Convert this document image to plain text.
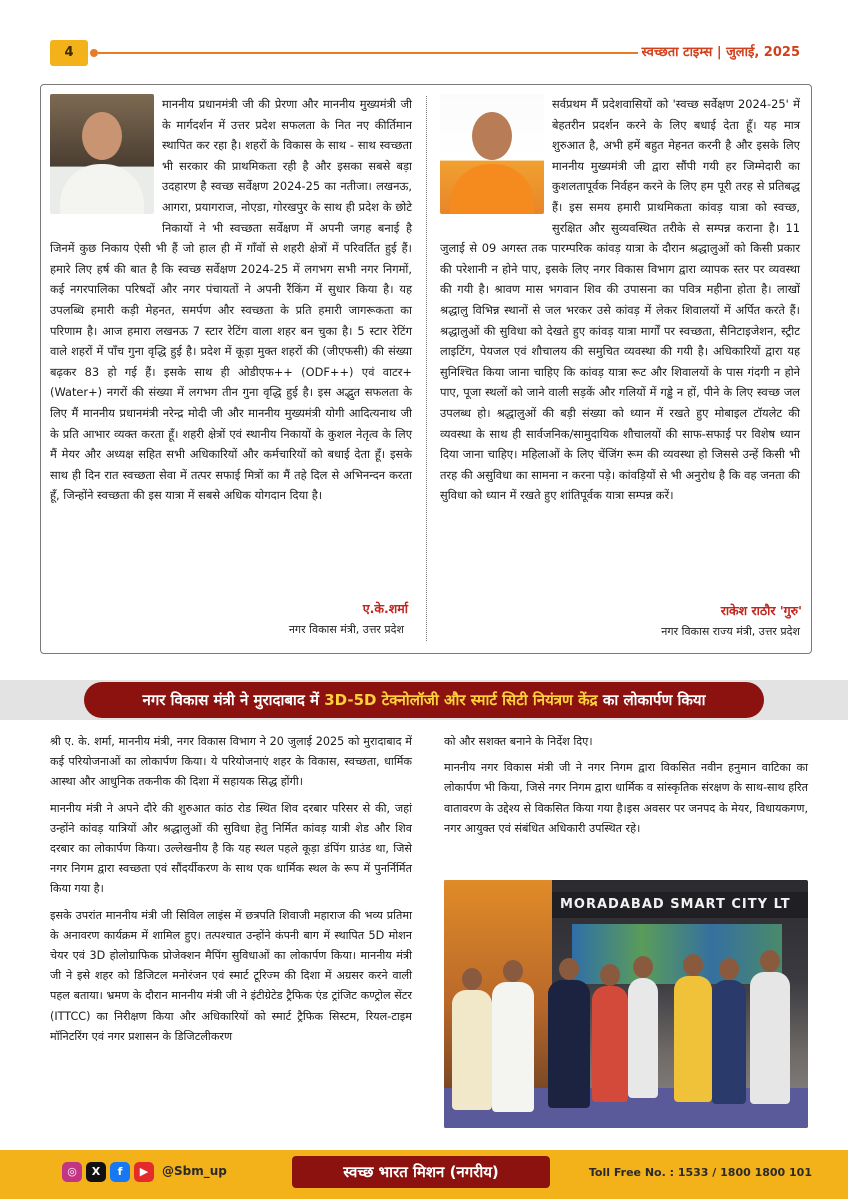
4	स्वच्छता टाइम्स | जुलाई, 2025

माननीय प्रधानमंत्री जी की प्रेरणा और माननीय मुख्यमंत्री जी के मार्गदर्शन में उत्तर प्रदेश सफलता के नित नए कीर्तिमान स्थापित कर रहा है। शहरों के विकास के साथ - साथ स्वच्छता भी सरकार की प्राथमिकता रही है और इसका सबसे बड़ा उदहारण है स्वच्छ सर्वेक्षण 2024-25 का नतीजा। लखनऊ, आगरा, प्रयागराज, नोएडा, गोरखपुर के साथ ही प्रदेश के छोटे निकायों ने भी स्वच्छता सर्वेक्षण में अपनी जगह बनाई है जिनमें कुछ निकाय ऐसी भी हैं जो हाल ही में गाँवों से शहरी क्षेत्रों में परिवर्तित हुई हैं। हमारे लिए हर्ष की बात है कि स्वच्छ सर्वेक्षण 2024-25 में लगभग सभी नगर निगमों, कई नगरपालिका परिषदों और नगर पंचायतों ने अपनी रैंकिंग में सुधार किया है। यह उपलब्धि हमारी कड़ी मेहनत, समर्पण और स्वच्छता के प्रति हमारी जागरूकता का परिणाम है। आज हमारा लखनऊ 7 स्टार रेटिंग वाला शहर बन चुका है। 5 स्टार रेटिंग वाले शहरों में पाँच गुना वृद्धि हुई है। प्रदेश में कूड़ा मुक्त शहरों की (जीएफसी) की संख्या बढ़कर 83 हो गई हैं। इसके साथ ही ओडीएफ++ (ODF++) एवं वाटर+ (Water+) नगरों की संख्या में लगभग तीन गुना वृद्धि हुई है। इस अद्भुत सफलता के लिए मैं माननीय प्रधानमंत्री नरेन्द्र मोदी जी और माननीय मुख्यमंत्री योगी आदित्यनाथ जी के प्रति आभार व्यक्त करता हूँ। शहरी क्षेत्रों एवं स्थानीय निकायों के कुशल नेतृत्व के लिए मैं मेयर और अध्यक्ष सहित सभी अधिकारियों और कर्मचारियों को बधाई देता हूँ। इसके साथ ही दिन रात स्वच्छता सेवा में तत्पर सफाई मित्रों का मैं तहे दिल से अभिनन्दन करता हूँ, जिन्होंने स्वच्छता की इस यात्रा में सबसे अधिक योगदान दिया है।

ए.के.शर्मा
नगर विकास मंत्री, उत्तर प्रदेश

सर्वप्रथम मैं प्रदेशवासियों को 'स्वच्छ सर्वेक्षण 2024-25' में बेहतरीन प्रदर्शन करने के लिए बधाई देता हूँ। यह मात्र शुरुआत है, अभी हमें बहुत मेहनत करनी है और इसके लिए माननीय मुख्यमंत्री जी द्वारा सौंपी गयी हर जिम्मेदारी का कुशलतापूर्वक निर्वहन करने के लिए हम पूरी तरह से प्रतिबद्ध हैं। इस समय हमारी प्राथमिकता कांवड़ यात्रा को स्वच्छ, सुरक्षित और सुव्यवस्थित तरीके से सम्पन्न कराना है। 11 जुलाई से 09 अगस्त तक पारम्परिक कांवड़ यात्रा के दौरान श्रद्धालुओं को किसी प्रकार की परेशानी न होने पाए, इसके लिए नगर विकास विभाग द्वारा व्यापक स्तर पर व्यवस्था की गयी है। श्रावण मास भगवान शिव की उपासना का पवित्र महीना होता है। लाखों श्रद्धालु विभिन्न स्थानों से जल भरकर उसे कांवड़ में लेकर शिवालयों में अर्पित करते हैं। श्रद्धालुओं की सुविधा को देखते हुए कांवड़ यात्रा मार्गों पर स्वच्छता, सैनिटाइजेशन, स्ट्रीट लाइटिंग, पेयजल एवं शौचालय की समुचित व्यवस्था की गयी है। अधिकारियों द्वारा यह सुनिश्चित किया जाना चाहिए कि कांवड़ यात्रा रूट और शिवालयों के पास गंदगी न होने पाए, पूजा स्थलों को जाने वाली सड़कें और गलियों में गड्ढे न हों, पीने के लिए स्वच्छ जल उपलब्ध हो। श्रद्धालुओं की बड़ी संख्या को ध्यान में रखते हुए मोबाइल टॉयलेट की व्यवस्था के साथ ही सार्वजनिक/सामुदायिक शौचालयों की साफ-सफाई पर विशेष ध्यान दिया जाना चाहिए। महिलाओं के लिए चेंजिंग रूम की व्यवस्था हो जिससे उन्हें किसी भी तरह की असुविधा का सामना न करना पड़े। कांवड़ियों से भी अनुरोध है कि वह जनता की सुविधा को ध्यान में रखते हुए शांतिपूर्वक यात्रा सम्पन्न करें।

राकेश राठौर 'गुरु'
नगर विकास राज्य मंत्री, उत्तर प्रदेश
नगर विकास मंत्री ने मुरादाबाद में 3D-5D टेक्नोलॉजी और स्मार्ट सिटी नियंत्रण केंद्र का लोकार्पण किया

श्री ए. के. शर्मा, माननीय मंत्री, नगर विकास विभाग ने 20 जुलाई 2025 को मुरादाबाद में कई परियोजनाओं का लोकार्पण किया। ये परियोजनाएं शहर के विकास, स्वच्छता, धार्मिक आस्था और आधुनिक तकनीक की दिशा में सहायक सिद्ध होंगी।

माननीय मंत्री ने अपने दौरे की शुरुआत कांठ रोड स्थित शिव दरबार परिसर से की, जहां उन्होंने कांवड़ यात्रियों और श्रद्धालुओं की सुविधा हेतु निर्मित कांवड़ यात्री शेड और शिव दरबार का लोकार्पण किया। उल्लेखनीय है कि यह स्थल पहले कूड़ा डंपिंग ग्राउंड था, जिसे नगर निगम द्वारा स्वच्छता एवं सौंदर्यीकरण के साथ एक धार्मिक स्थल के रूप में पुनर्निर्मित किया गया है।

इसके उपरांत माननीय मंत्री जी सिविल लाइंस में छत्रपति शिवाजी महाराज की भव्य प्रतिमा के अनावरण कार्यक्रम में शामिल हुए। तत्पश्चात उन्होंने कंपनी बाग में स्थापित 5D मोशन चेयर एवं 3D होलोग्राफिक प्रोजेक्शन मैपिंग सुविधाओं का लोकार्पण किया। माननीय मंत्री जी ने इसे शहर को डिजिटल मनोरंजन एवं स्मार्ट टूरिज्म की दिशा में अग्रसर करने वाली पहल बताया। भ्रमण के दौरान माननीय मंत्री जी ने इंटीग्रेटेड ट्रैफिक एंड ट्रांजिट कण्ट्रोल सेंटर (ITTCC) का निरीक्षण किया और अधिकारियों को स्मार्ट ट्रैफिक सिस्टम, रियल-टाइम मॉनिटरिंग एवं नगर प्रशासन के डिजिटलीकरण

को और सशक्त बनाने के निर्देश दिए।

माननीय नगर विकास मंत्री जी ने नगर निगम द्वारा विकसित नवीन हनुमान वाटिका का लोकार्पण भी किया, जिसे नगर निगम द्वारा धार्मिक व सांस्कृतिक संरक्षण के साथ-साथ हरित वातावरण के उद्देश्य से विकसित किया गया है।इस अवसर पर जनपद के मेयर, विधायकगण, नगर आयुक्त एवं संबंधित अधिकारी उपस्थित रहे।

MORADABAD SMART CITY LT
◎	X	f	▶	@Sbm_up	स्वच्छ भारत मिशन (नगरीय)	Toll Free No. : 1533 / 1800 1800 101
